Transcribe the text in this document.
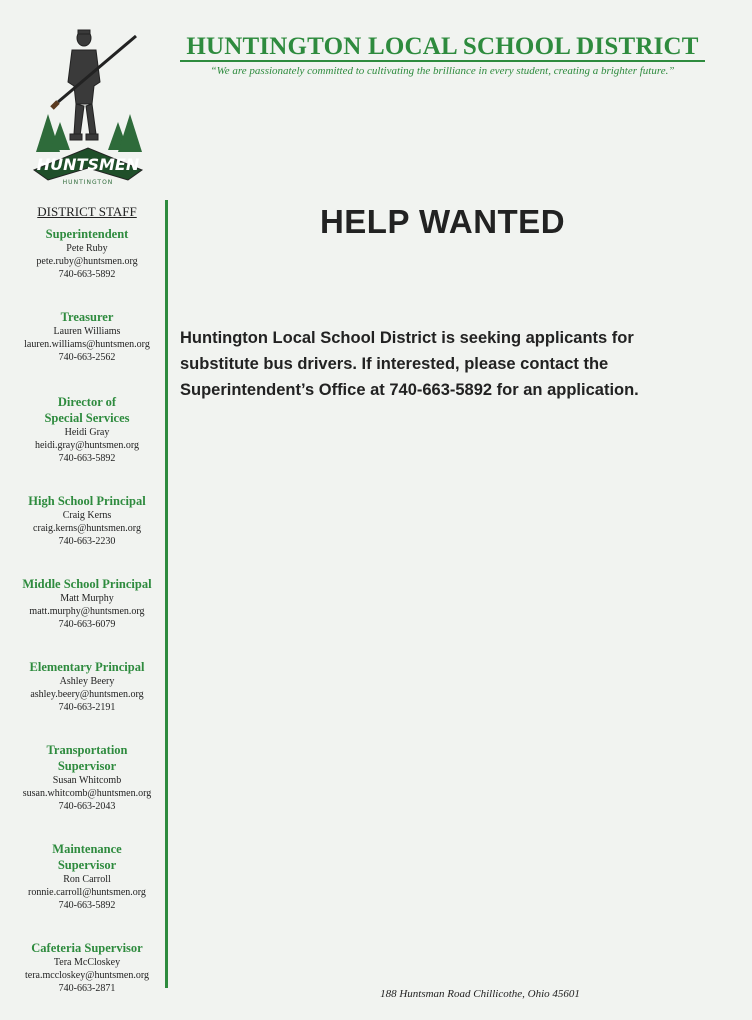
HUNTSMEN
HUNTINGTON
HUNTINGTON LOCAL SCHOOL DISTRICT
“We are passionately committed to cultivating the brilliance in every student, creating a brighter future.”
DISTRICT STAFF
Superintendent
Pete Ruby
pete.ruby@huntsmen.org
740-663-5892
Treasurer
Lauren Williams
lauren.williams@huntsmen.org
740-663-2562
Director of
Special Services
Heidi Gray
heidi.gray@huntsmen.org
740-663-5892
High School Principal
Craig Kerns
craig.kerns@huntsmen.org
740-663-2230
Middle School Principal
Matt Murphy
matt.murphy@huntsmen.org
740-663-6079
Elementary Principal
Ashley Beery
ashley.beery@huntsmen.org
740-663-2191
Transportation
Supervisor
Susan Whitcomb
susan.whitcomb@huntsmen.org
740-663-2043
Maintenance
Supervisor
Ron Carroll
ronnie.carroll@huntsmen.org
740-663-5892
Cafeteria Supervisor
Tera McCloskey
tera.mccloskey@huntsmen.org
740-663-2871
HELP WANTED
Huntington Local School District is seeking applicants for
substitute bus drivers. If interested, please contact the
Superintendent’s Office at 740-663-5892 for an application.
188 Huntsman Road Chillicothe, Ohio 45601
